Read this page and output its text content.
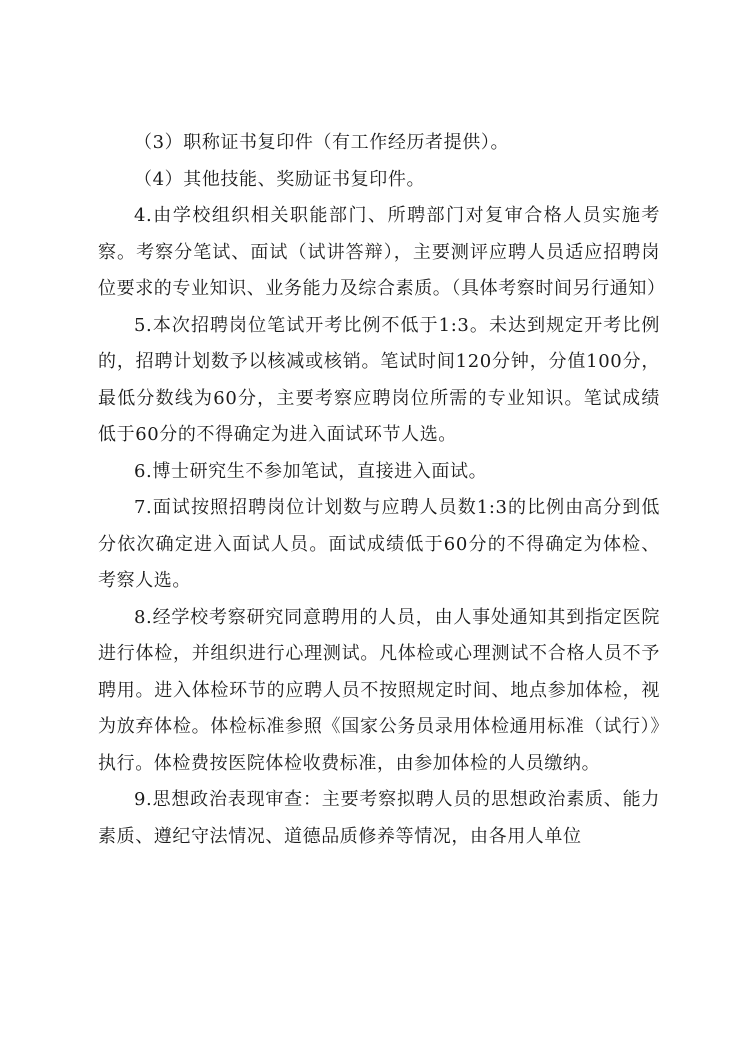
（3）职称证书复印件（有工作经历者提供）。

（4）其他技能、奖励证书复印件。

4.由学校组织相关职能部门、所聘部门对复审合格人员实施考察。考察分笔试、面试（试讲答辩），主要测评应聘人员适应招聘岗位要求的专业知识、业务能力及综合素质。（具体考察时间另行通知）

5.本次招聘岗位笔试开考比例不低于1:3。未达到规定开考比例的，招聘计划数予以核减或核销。笔试时间120分钟，分值100分，最低分数线为60分，主要考察应聘岗位所需的专业知识。笔试成绩低于60分的不得确定为进入面试环节人选。

6.博士研究生不参加笔试，直接进入面试。

7.面试按照招聘岗位计划数与应聘人员数1:3的比例由高分到低分依次确定进入面试人员。面试成绩低于60分的不得确定为体检、考察人选。

8.经学校考察研究同意聘用的人员，由人事处通知其到指定医院进行体检，并组织进行心理测试。凡体检或心理测试不合格人员不予聘用。进入体检环节的应聘人员不按照规定时间、地点参加体检，视为放弃体检。体检标准参照《国家公务员录用体检通用标准（试行）》执行。体检费按医院体检收费标准，由参加体检的人员缴纳。

9.思想政治表现审查：主要考察拟聘人员的思想政治素质、能力素质、遵纪守法情况、道德品质修养等情况，由各用人单位
